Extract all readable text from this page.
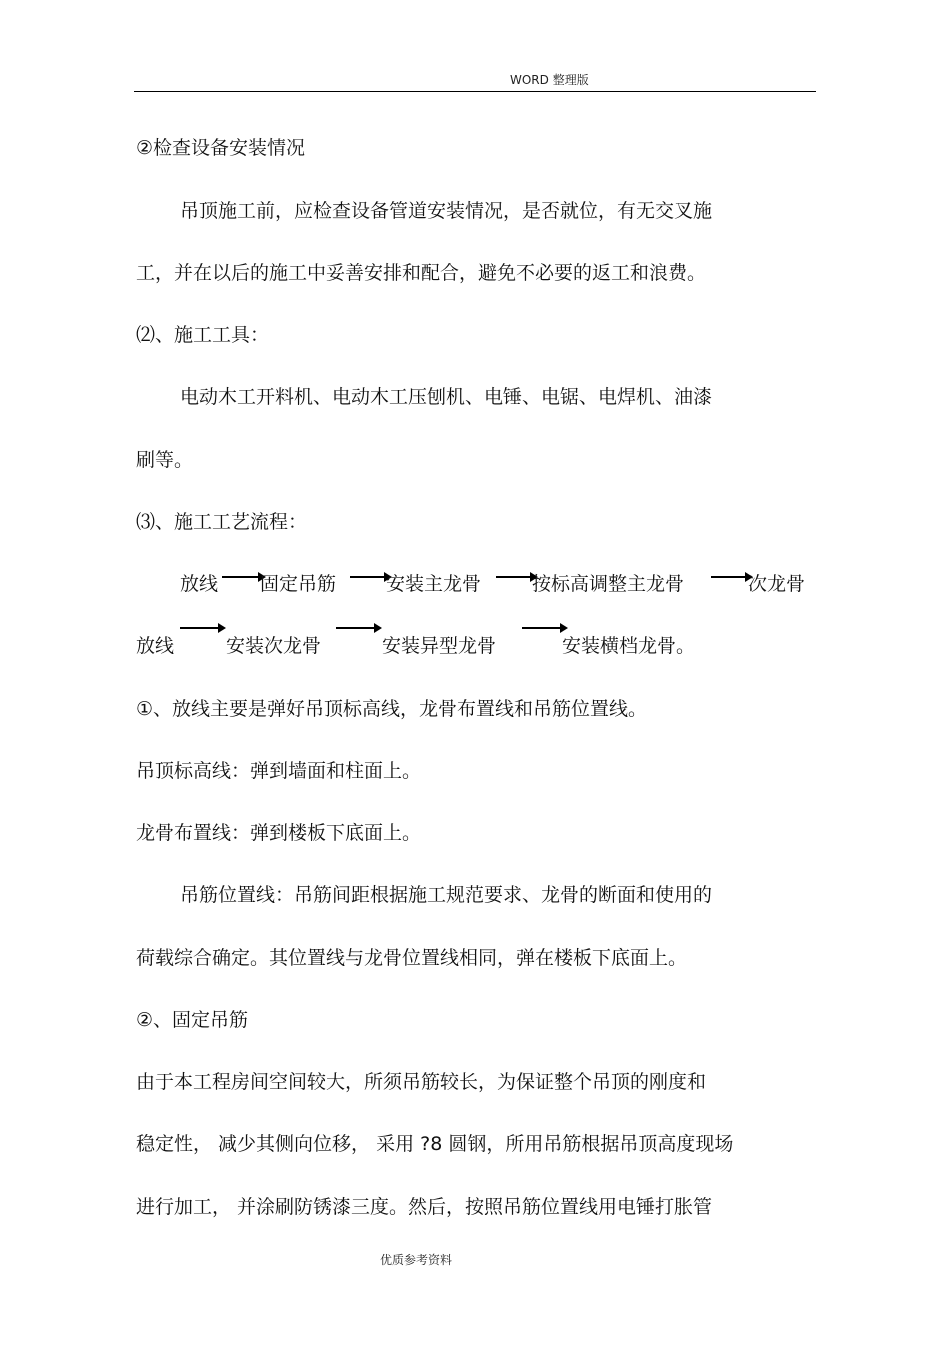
WORD 整理版
②检查设备安装情况
吊顶施工前，应检查设备管道安装情况，是否就位，有无交叉施
工，并在以后的施工中妥善安排和配合，避免不必要的返工和浪费。
⑵、施工工具：
电动木工开料机、电动木工压刨机、电锤、电锯、电焊机、油漆
刷等。
⑶、施工工艺流程：
放线 固定吊筋	安装主龙骨	按标高调整主龙骨	次龙骨
放线	安装次龙骨	安装异型龙骨	安装横档龙骨。
①、放线主要是弹好吊顶标高线，龙骨布置线和吊筋位置线。
吊顶标高线：弹到墙面和柱面上。
龙骨布置线：弹到楼板下底面上。
吊筋位置线：吊筋间距根据施工规范要求、龙骨的断面和使用的
荷载综合确定。其位置线与龙骨位置线相同，弹在楼板下底面上。
②、固定吊筋
由于本工程房间空间较大，所须吊筋较长，为保证整个吊顶的刚度和
稳定性， 减少其侧向位移， 采用 ?8 圆钢，所用吊筋根据吊顶高度现场
进行加工， 并涂刷防锈漆三度。然后，按照吊筋位置线用电锤打胀管
优质参考资料
